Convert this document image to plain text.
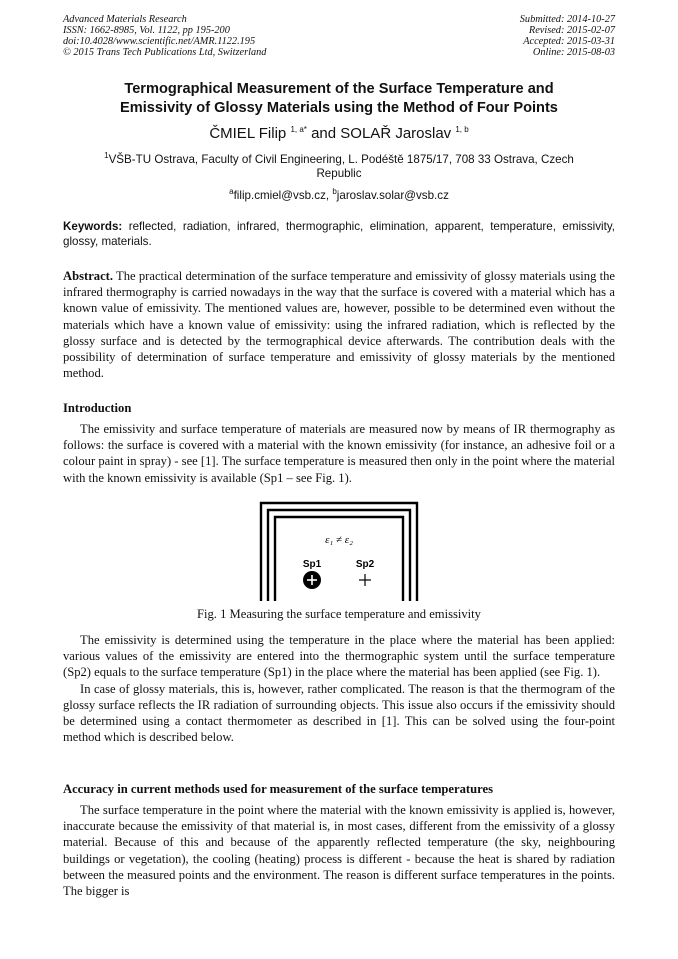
Advanced Materials Research
ISSN: 1662-8985, Vol. 1122, pp 195-200
doi:10.4028/www.scientific.net/AMR.1122.195
© 2015 Trans Tech Publications Ltd, Switzerland
Submitted: 2014-10-27
Revised: 2015-02-07
Accepted: 2015-03-31
Online: 2015-08-03
Termographical Measurement of the Surface Temperature and
Emissivity of Glossy Materials using the Method of Four Points
ČMIEL Filip $^{1, a*}$ and SOLAŘ Jaroslav $^{1, b}$
$^1$VŠB-TU Ostrava, Faculty of Civil Engineering, L. Podéště 1875/17, 708 33 Ostrava, Czech Republic
$^a$filip.cmiel@vsb.cz, $^b$jaroslav.solar@vsb.cz
Keywords: reflected, radiation, infrared, thermographic, elimination, apparent, temperature, emissivity, glossy, materials.

Abstract. The practical determination of the surface temperature and emissivity of glossy materials using the infrared thermography is carried nowadays in the way that the surface is covered with a material which has a known value of emissivity. The mentioned values are, however, possible to be determined even without the materials which have a known value of emissivity: using the infrared radiation, which is reflected by the glossy surface and is detected by the termographical device afterwards. The contribution deals with the possibility of determination of surface temperature and emissivity of glossy materials by the mentioned method.

Introduction

The emissivity and surface temperature of materials are measured now by means of IR thermography as follows: the surface is covered with a material with the known emissivity (for instance, an adhesive foil or a colour paint in spray) - see [1]. The surface temperature is measured then only in the point where the material with the known emissivity is available (Sp1 – see Fig. 1).

ε₁ ≠ ε₂
Sp1	Sp2
Fig. 1 Measuring the surface temperature and emissivity

The emissivity is determined using the temperature in the place where the material has been applied: various values of the emissivity are entered into the thermographic system until the surface temperature (Sp2) equals to the surface temperature (Sp1) in the place where the material has been applied (see Fig. 1).

In case of glossy materials, this is, however, rather complicated. The reason is that the thermogram of the glossy surface reflects the IR radiation of surrounding objects. This issue also occurs if the emissivity should be determined using a contact thermometer as described in [1]. This can be solved using the four-point method which is described below.

Accuracy in current methods used for measurement of the surface temperatures

The surface temperature in the point where the material with the known emissivity is applied is, however, inaccurate because the emissivity of that material is, in most cases, different from the emissivity of a glossy material. Because of this and because of the apparently reflected temperature (the sky, neighbouring buildings or vegetation), the cooling (heating) process is different - because the heat is shared by radiation between the measured points and the environment. The reason is different surface temperatures in the points. The bigger is
